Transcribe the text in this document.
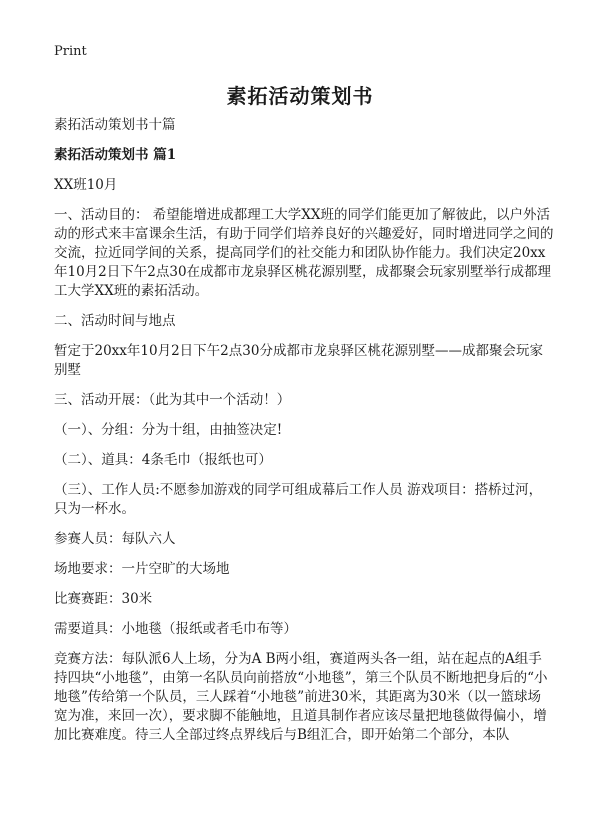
Print
素拓活动策划书

素拓活动策划书十篇

素拓活动策划书 篇1

XX班10月

一、活动目的： 希望能增进成都理工大学XX班的同学们能更加了解彼此，以户外活动的形式来丰富课余生活，有助于同学们培养良好的兴趣爱好，同时增进同学之间的交流，拉近同学间的关系，提高同学们的社交能力和团队协作能力。我们决定20xx年10月2日下午2点30在成都市龙泉驿区桃花源别墅，成都聚会玩家别墅举行成都理工大学XX班的素拓活动。

二、活动时间与地点

暂定于20xx年10月2日下午2点30分成都市龙泉驿区桃花源别墅——成都聚会玩家别墅

三、活动开展：（此为其中一个活动！）

（一）、分组：分为十组，由抽签决定!

（二）、道具：4条毛巾（报纸也可）

（三）、工作人员:不愿参加游戏的同学可组成幕后工作人员 游戏项目：搭桥过河，只为一杯水。

参赛人员：每队六人

场地要求：一片空旷的大场地

比赛赛距：30米

需要道具：小地毯（报纸或者毛巾布等）

竞赛方法：每队派6人上场，分为A B两小组，赛道两头各一组，站在起点的A组手持四块“小地毯”，由第一名队员向前搭放“小地毯”，第三个队员不断地把身后的“小地毯”传给第一个队员，三人踩着“小地毯”前进30米，其距离为30米（以一篮球场宽为准，来回一次），要求脚不能触地，且道具制作者应该尽量把地毯做得偏小，增加比赛难度。待三人全部过终点界线后与B组汇合，即开始第二个部分，本队
